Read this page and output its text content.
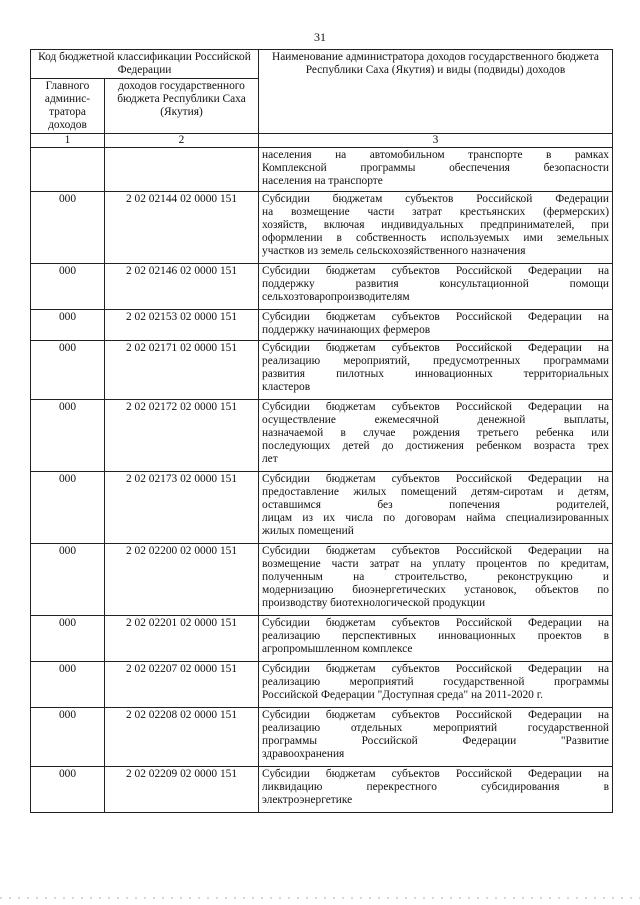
31
Код бюджетной классификации Российской Федерации		Наименование администратора доходов государственного бюджета Республики Саха (Якутия) и виды (подвиды) доходов
Главного админис-тратора доходов	доходов государственного бюджета Республики Саха (Якутия)	
1	2	3

		населения на автомобильном транспорте в рамках
Комплексной программы обеспечения безопасности
населения на транспорте

000	2 02 02144 02 0000 151	Субсидии бюджетам субъектов Российской Федерации
на возмещение части затрат крестьянских (фермерских)
хозяйств, включая индивидуальных предпринимателей, при
оформлении в собственность используемых ими земельных
участков из земель сельскохозяйственного назначения

000	2 02 02146 02 0000 151	Субсидии бюджетам субъектов Российской Федерации на
поддержку развития консультационной помощи
сельхозтоваропроизводителям

000	2 02 02153 02 0000 151	Субсидии бюджетам субъектов Российской Федерации на
поддержку начинающих фермеров

000	2 02 02171 02 0000 151	Субсидии бюджетам субъектов Российской Федерации на
реализацию мероприятий, предусмотренных программами
развития пилотных инновационных территориальных
кластеров

000	2 02 02172 02 0000 151	Субсидии бюджетам субъектов Российской Федерации на
осуществление ежемесячной денежной выплаты,
назначаемой в случае рождения третьего ребенка или
последующих детей до достижения ребенком возраста трех
лет

000	2 02 02173 02 0000 151	Субсидии бюджетам субъектов Российской Федерации на
предоставление жилых помещений детям-сиротам и детям,
оставшимся без попечения родителей,
лицам из их числа по договорам найма специализированных
жилых помещений

000	2 02 02200 02 0000 151	Субсидии бюджетам субъектов Российской Федерации на
возмещение части затрат на уплату процентов по кредитам,
полученным на строительство, реконструкцию и
модернизацию биоэнергетических установок, объектов по
производству биотехнологической продукции

000	2 02 02201 02 0000 151	Субсидии бюджетам субъектов Российской Федерации на
реализацию перспективных инновационных проектов в
агропромышленном комплексе

000	2 02 02207 02 0000 151	Субсидии бюджетам субъектов Российской Федерации на
реализацию мероприятий государственной программы
Российской Федерации "Доступная среда" на 2011-2020 г.

000	2 02 02208 02 0000 151	Субсидии бюджетам субъектов Российской Федерации на
реализацию отдельных мероприятий государственной
программы Российской Федерации "Развитие
здравоохранения

000	2 02 02209 02 0000 151	Субсидии бюджетам субъектов Российской Федерации на
ликвидацию перекрестного субсидирования в
электроэнергетике
